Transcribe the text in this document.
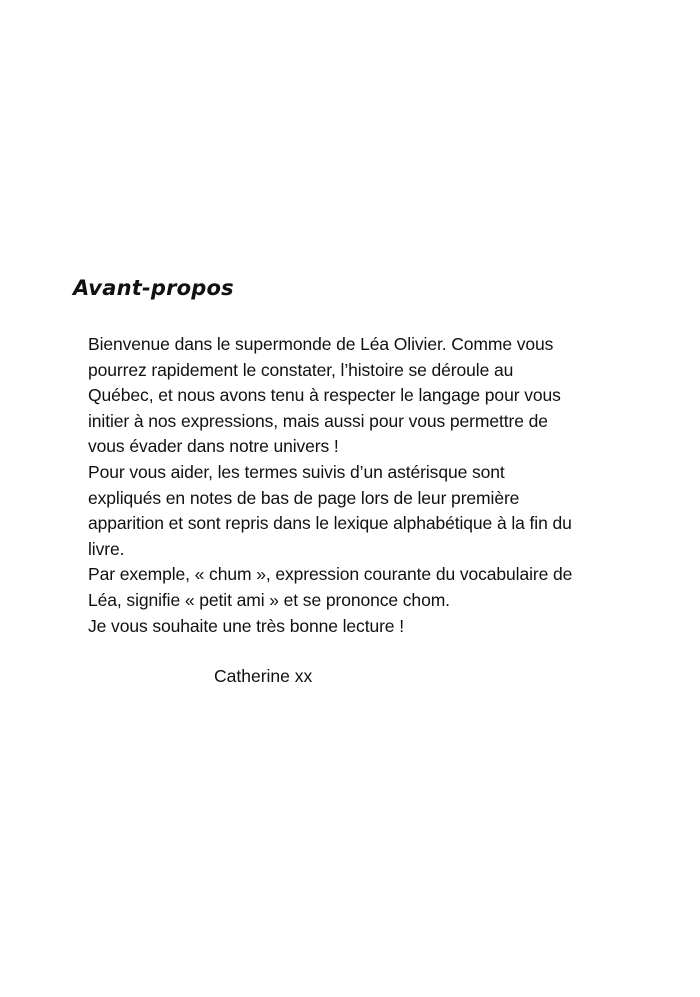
Avant-propos
Bienvenue dans le supermonde de Léa Olivier. Comme vous
pourrez rapidement le constater, l’histoire se déroule au
Québec, et nous avons tenu à respecter le langage pour vous
initier à nos expressions, mais aussi pour vous permettre de
vous évader dans notre univers !
Pour vous aider, les termes suivis d’un astérisque sont
expliqués en notes de bas de page lors de leur première
apparition et sont repris dans le lexique alphabétique à la fin du
livre.
Par exemple, « chum », expression courante du vocabulaire de
Léa, signifie « petit ami » et se prononce chom.
Je vous souhaite une très bonne lecture !

Catherine xx
